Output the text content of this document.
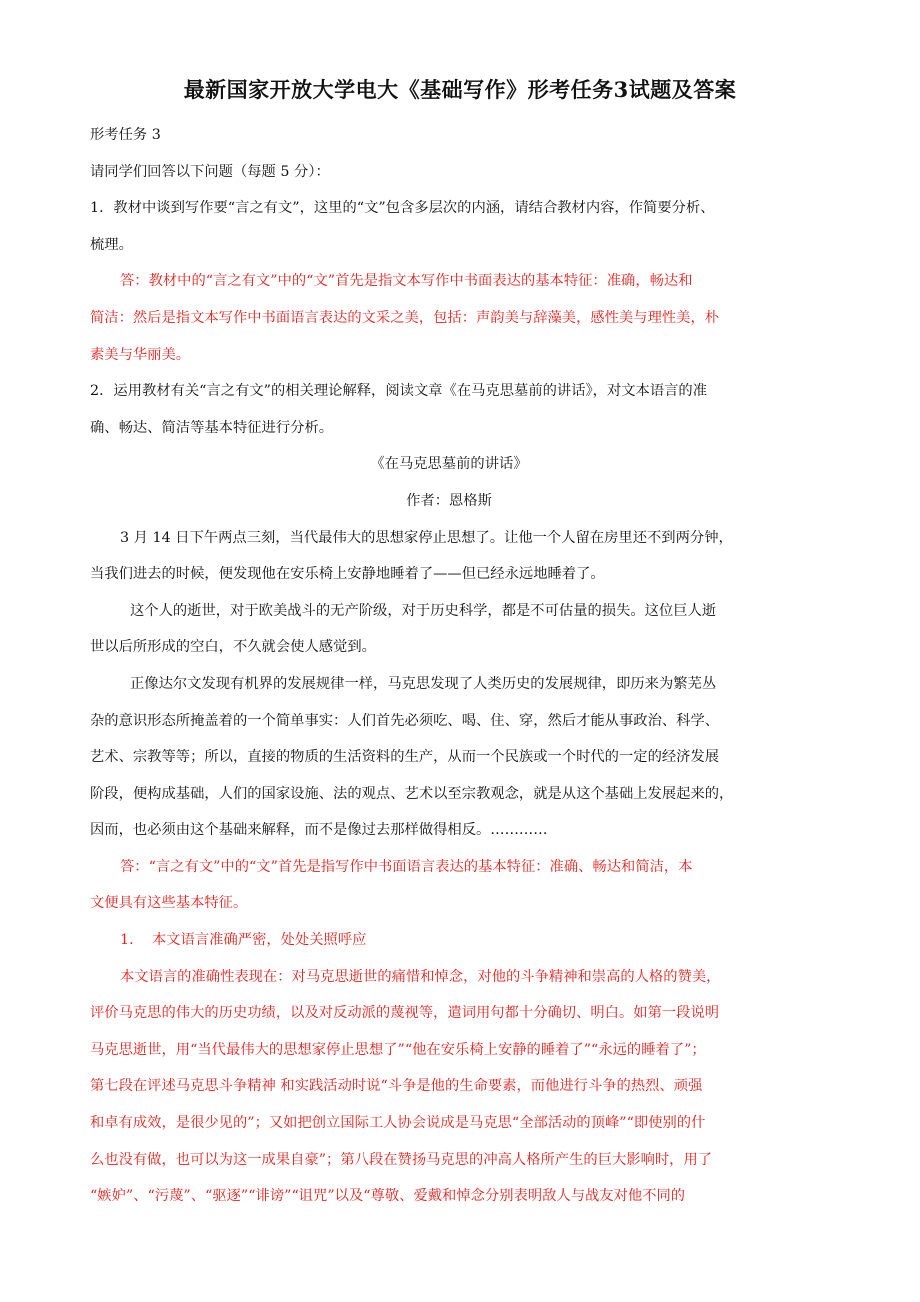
最新国家开放大学电大《基础写作》形考任务3试题及答案
形考任务 3
请同学们回答以下问题（每题 5 分）：
1．教材中谈到写作要“言之有文”，这里的“文”包含多层次的内涵，请结合教材内容，作简要分析、
梳理。
答：教材中的“言之有文”中的“文”首先是指文本写作中书面表达的基本特征：准确，畅达和
简洁：然后是指文本写作中书面语言表达的文采之美，包括：声韵美与辞藻美，感性美与理性美，朴
素美与华丽美。
2．运用教材有关“言之有文”的相关理论解释，阅读文章《在马克思墓前的讲话》，对文本语言的准
确、畅达、简洁等基本特征进行分析。
《在马克思墓前的讲话》
作者：恩格斯
3 月 14 日下午两点三刻，当代最伟大的思想家停止思想了。让他一个人留在房里还不到两分钟，
当我们进去的时候，便发现他在安乐椅上安静地睡着了——但已经永远地睡着了。
这个人的逝世，对于欧美战斗的无产阶级，对于历史科学，都是不可估量的损失。这位巨人逝
世以后所形成的空白，不久就会使人感觉到。
正像达尔文发现有机界的发展规律一样，马克思发现了人类历史的发展规律，即历来为繁芜丛
杂的意识形态所掩盖着的一个简单事实：人们首先必须吃、喝、住、穿，然后才能从事政治、科学、
艺术、宗教等等；所以，直接的物质的生活资料的生产，从而一个民族或一个时代的一定的经济发展
阶段，便构成基础，人们的国家设施、法的观点、艺术以至宗教观念，就是从这个基础上发展起来的，
因而，也必须由这个基础来解释，而不是像过去那样做得相反。…………
答：“言之有文”中的“文”首先是指写作中书面语言表达的基本特征：准确、畅达和简洁，本
文便具有这些基本特征。
1. 本文语言准确严密，处处关照呼应
本文语言的准确性表现在：对马克思逝世的痛惜和悼念，对他的斗争精神和崇高的人格的赞美，
评价马克思的伟大的历史功绩，以及对反动派的蔑视等，遣词用句都十分确切、明白。如第一段说明
马克思逝世，用“当代最伟大的思想家停止思想了”“他在安乐椅上安静的睡着了”“永远的睡着了”；
第七段在评述马克思斗争精神 和实践活动时说“斗争是他的生命要素，而他进行斗争的热烈、顽强
和卓有成效，是很少见的”；又如把创立国际工人协会说成是马克思“全部活动的顶峰”“即使别的什
么也没有做，也可以为这一成果自豪”；第八段在赞扬马克思的冲高人格所产生的巨大影响时，用了
“嫉妒”、“污蔑”、“驱逐”“诽谤”“诅咒”以及“尊敬、爱戴和悼念分别表明敌人与战友对他不同的
